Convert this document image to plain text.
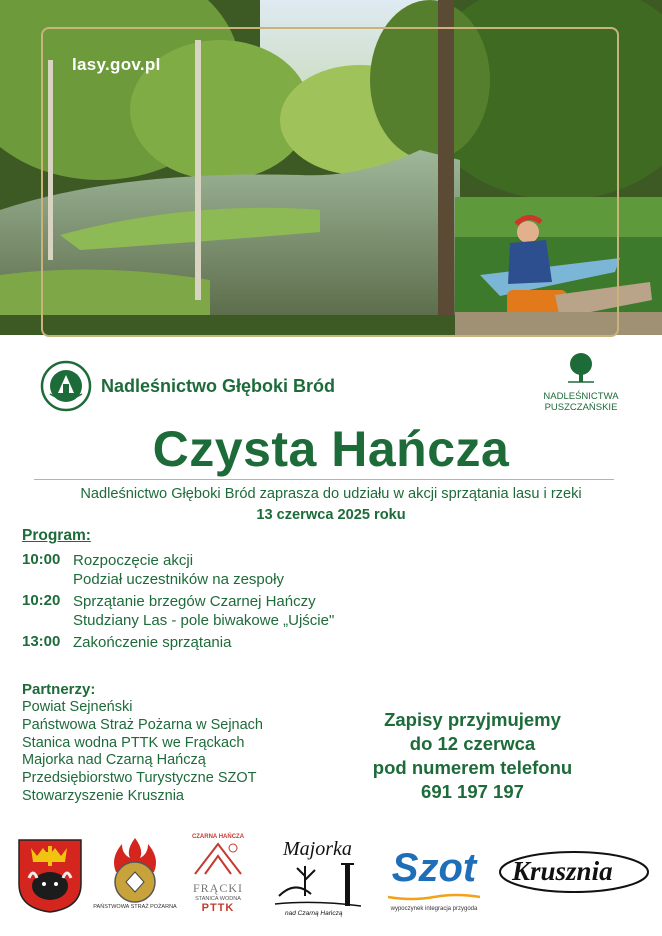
lasy.gov.pl
Nadleśnictwo Głęboki Bród
NADLEŚNICTWA
PUSZCZAŃSKIE
Czysta Hańcza
Nadleśnictwo Głęboki Bród zaprasza do udziału w akcji sprzątania lasu i rzeki
13 czerwca 2025 roku
Program:
10:00 Rozpoczęcie akcji
Podział uczestników na zespoły
10:20 Sprzątanie brzegów Czarnej Hańczy
Studziany Las - pole biwakowe „Ujście"
13:00 Zakończenie sprzątania
Partnerzy:
Powiat Sejneński
Państwowa Straż Pożarna w Sejnach
Stanica wodna PTTK we Frąckach
Majorka nad Czarną Hańczą
Przedsiębiorstwo Turystyczne SZOT
Stowarzyszenie Krusznia
Zapisy przyjmujemy
do 12 czerwca
pod numerem telefonu
691 197 197
PAŃSTWOWA STRAŻ POŻARNA
CZARNA HAŃCZA
FRĄCKI
STANICA WODNA
PTTK
Majorka
nad Czarną Hańczą
Szot
wypoczynek integracja przygoda
Krusznia
